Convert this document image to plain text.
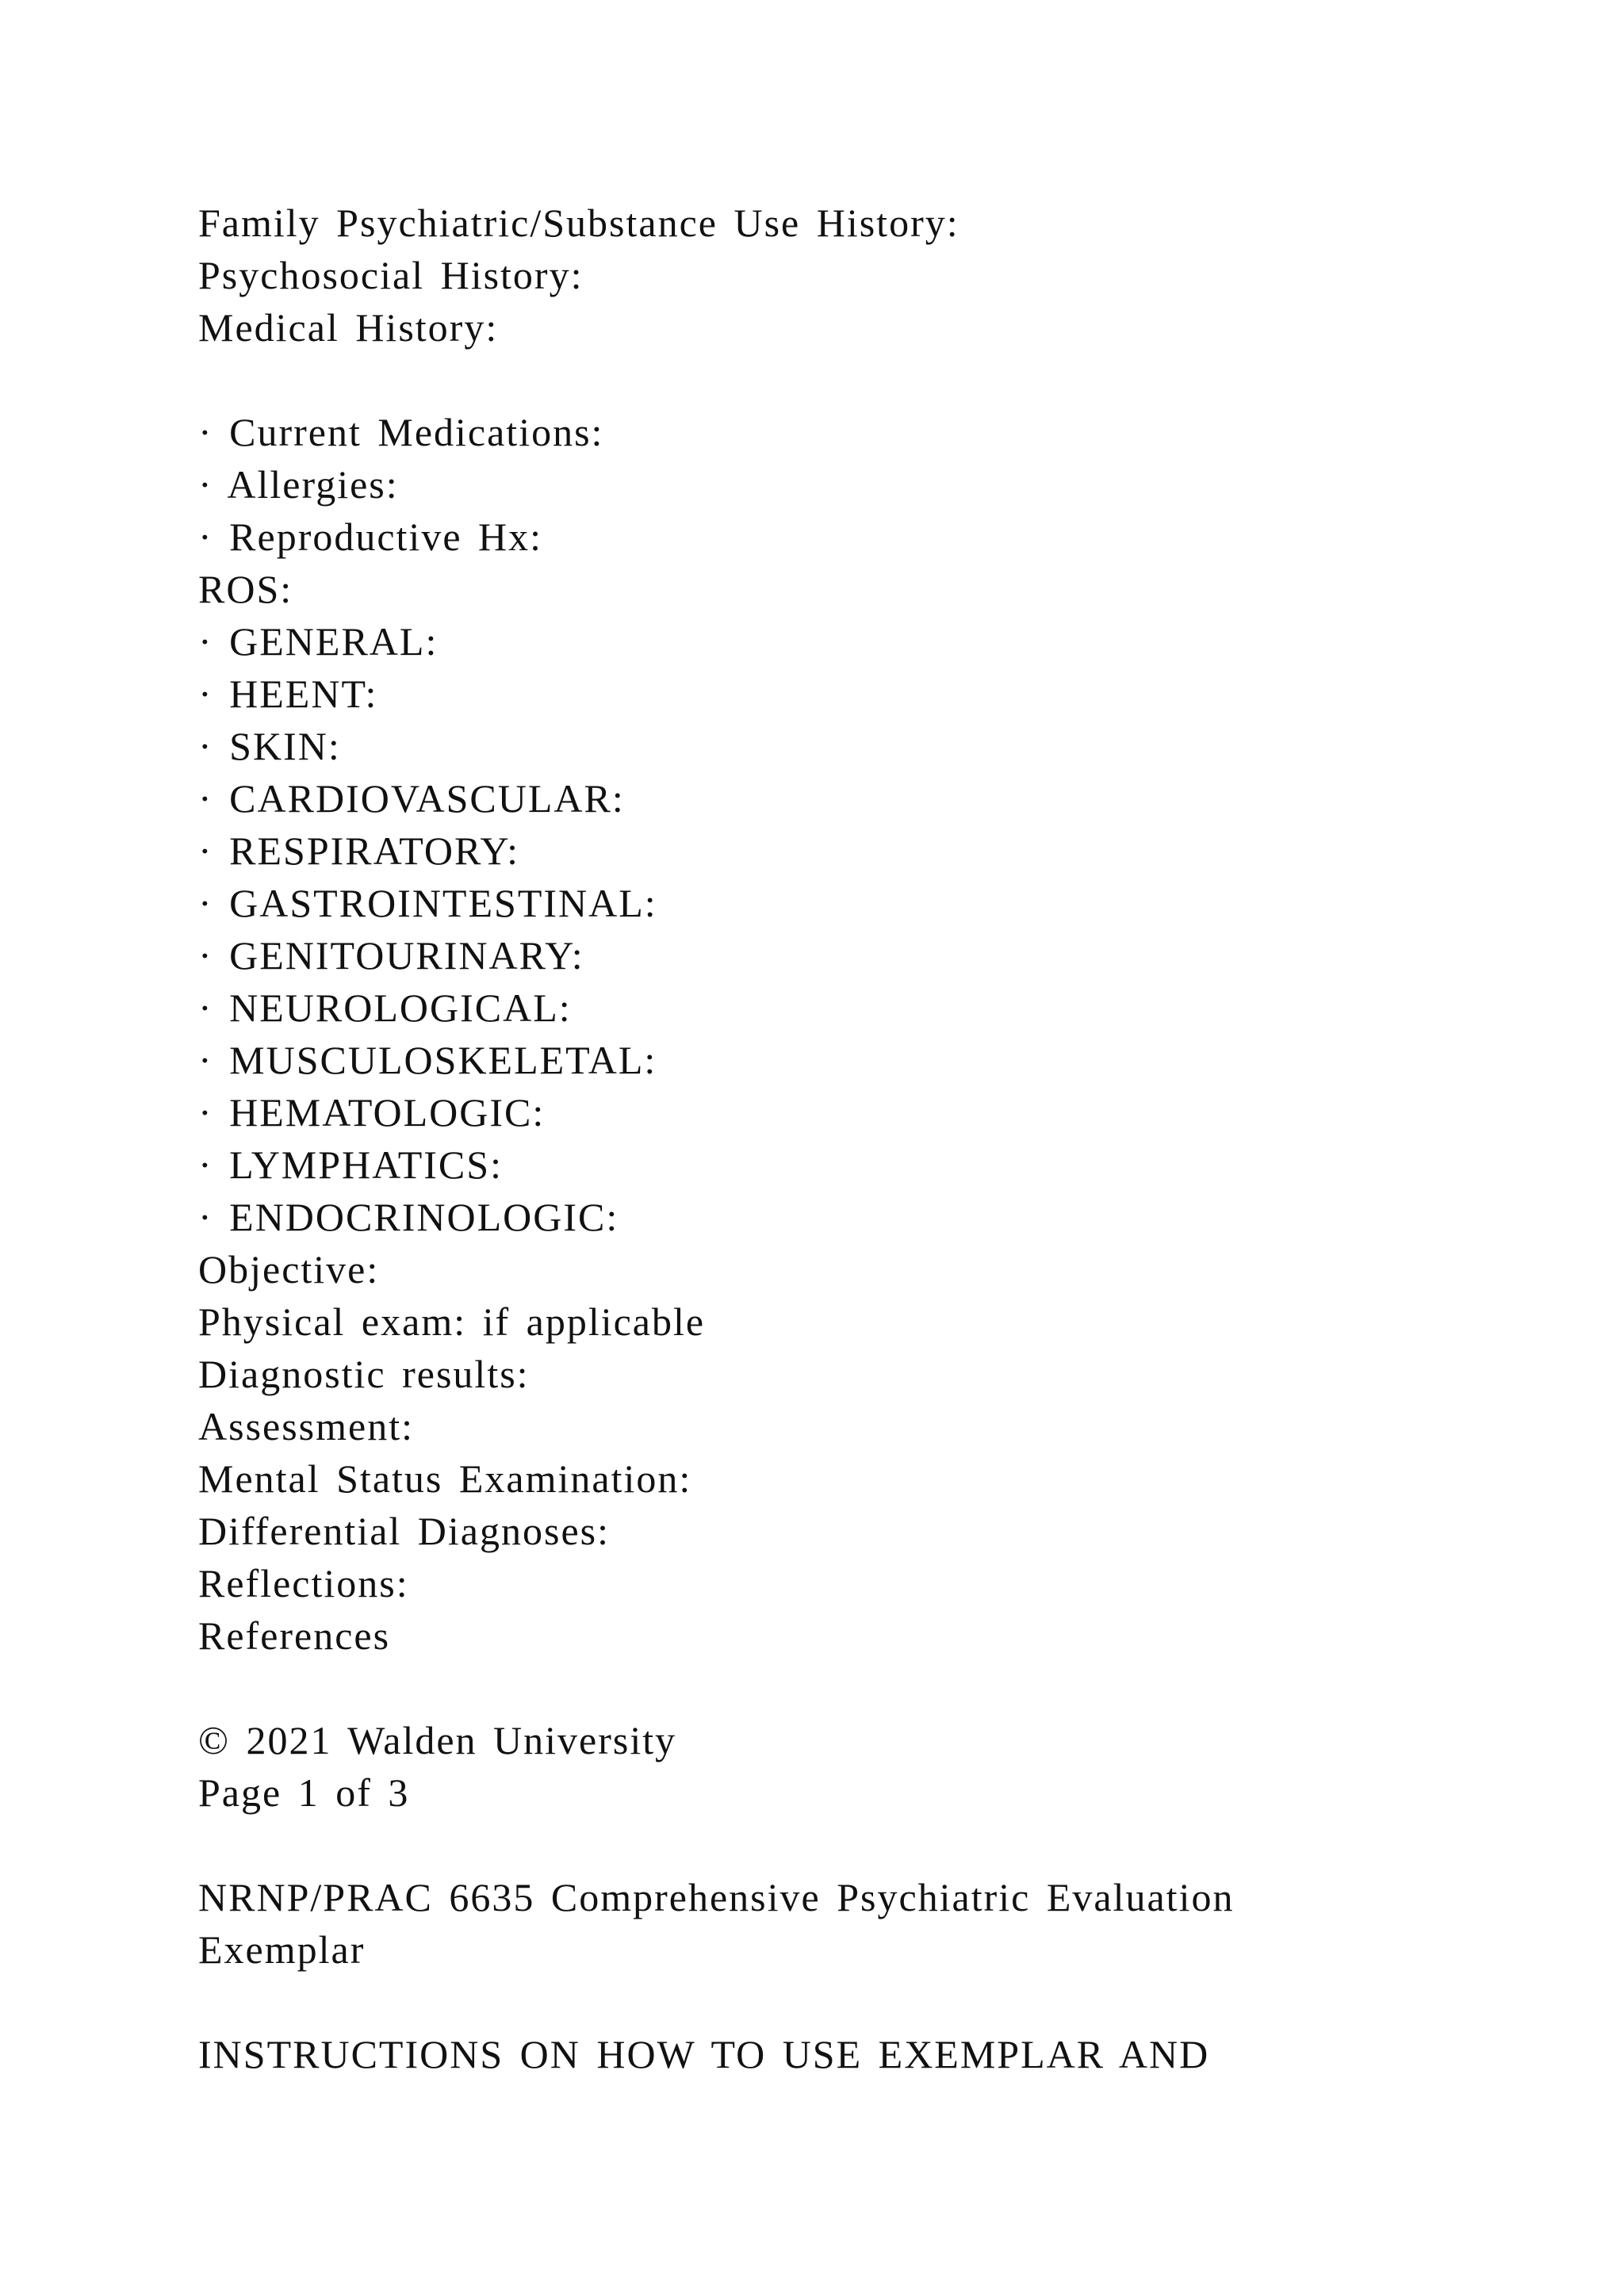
Family Psychiatric/Substance Use History:
Psychosocial History:
Medical History:
· Current Medications:
· Allergies:
· Reproductive Hx:
ROS:
· GENERAL:
· HEENT:
· SKIN:
· CARDIOVASCULAR:
· RESPIRATORY:
· GASTROINTESTINAL:
· GENITOURINARY:
· NEUROLOGICAL:
· MUSCULOSKELETAL:
· HEMATOLOGIC:
· LYMPHATICS:
· ENDOCRINOLOGIC:
Objective:
Physical exam: if applicable
Diagnostic results:
Assessment:
Mental Status Examination:
Differential Diagnoses:
Reflections:
References
© 2021 Walden University
Page 1 of 3
NRNP/PRAC 6635 Comprehensive Psychiatric Evaluation
Exemplar
INSTRUCTIONS ON HOW TO USE EXEMPLAR AND
